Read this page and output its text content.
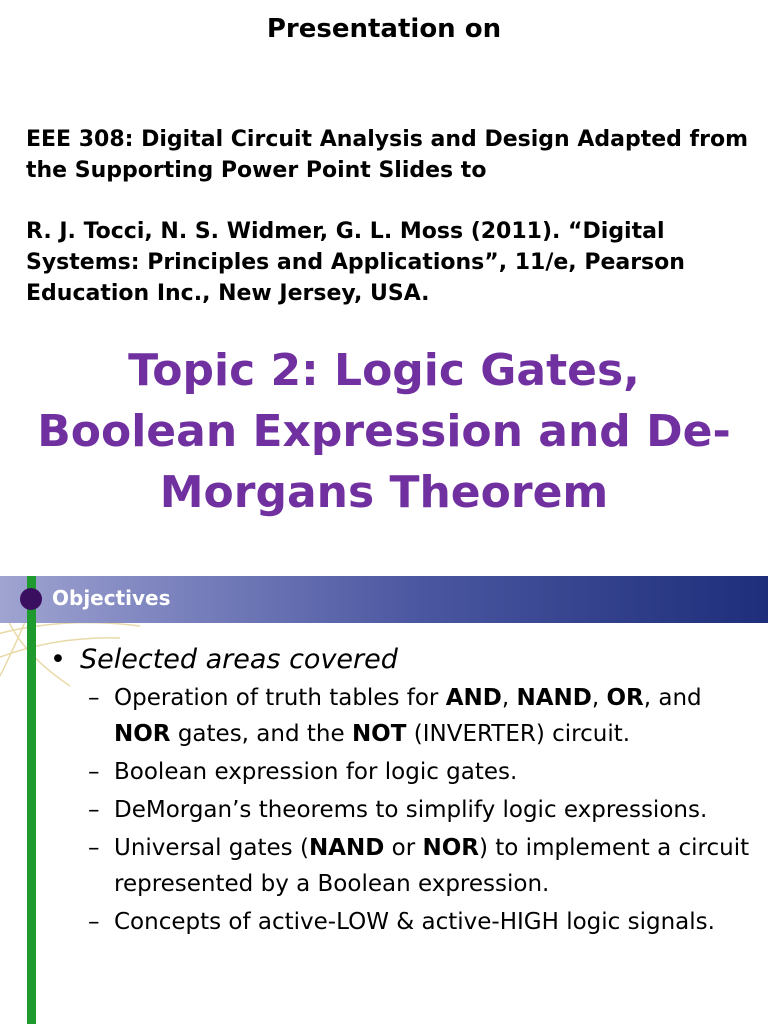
Presentation on
EEE 308: Digital Circuit Analysis and Design Adapted from the Supporting Power Point Slides to
R. J. Tocci, N. S. Widmer, G. L. Moss (2011). “Digital Systems: Principles and Applications”, 11/e, Pearson Education Inc., New Jersey, USA.
Topic 2: Logic Gates,
Boolean Expression and De-
Morgans Theorem
Objectives
• Selected areas covered
– Operation of truth tables for AND, NAND, OR, and NOR gates, and the NOT (INVERTER) circuit.
– Boolean expression for logic gates.
– DeMorgan’s theorems to simplify logic expressions.
– Universal gates (NAND or NOR) to implement a circuit represented by a Boolean expression.
– Concepts of active-LOW & active-HIGH logic signals.
